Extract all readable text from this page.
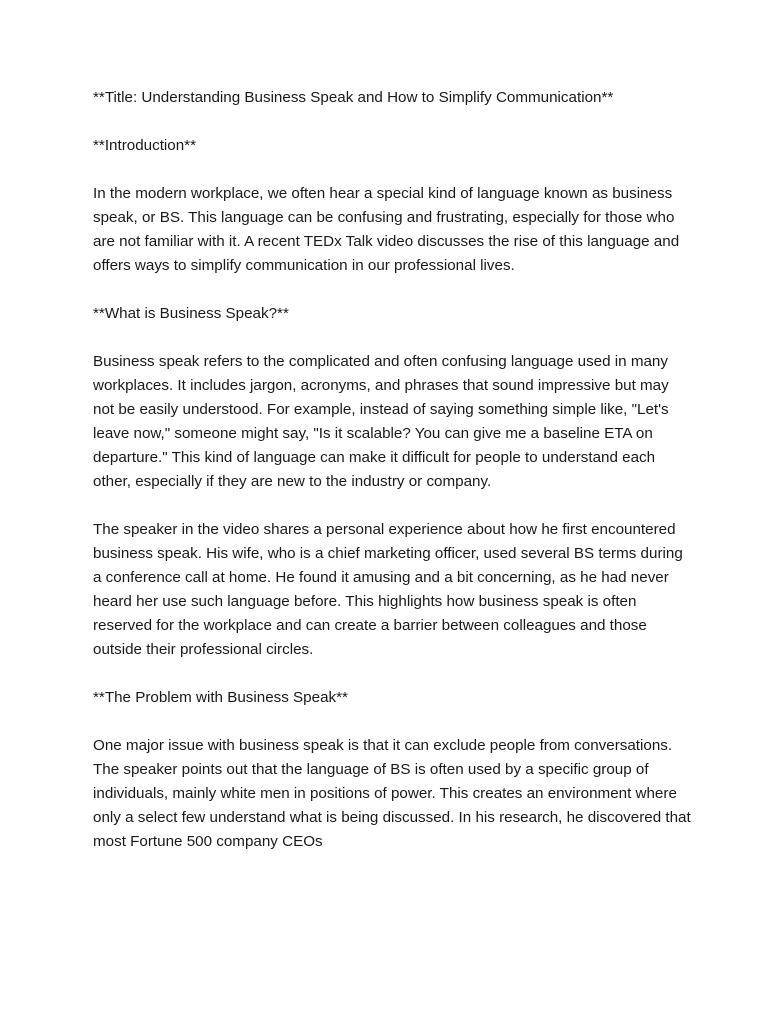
**Title: Understanding Business Speak and How to Simplify Communication**

**Introduction**

In the modern workplace, we often hear a special kind of language known as business speak, or BS. This language can be confusing and frustrating, especially for those who are not familiar with it. A recent TEDx Talk video discusses the rise of this language and offers ways to simplify communication in our professional lives.

**What is Business Speak?**

Business speak refers to the complicated and often confusing language used in many workplaces. It includes jargon, acronyms, and phrases that sound impressive but may not be easily understood. For example, instead of saying something simple like, "Let's leave now," someone might say, "Is it scalable? You can give me a baseline ETA on departure." This kind of language can make it difficult for people to understand each other, especially if they are new to the industry or company.

The speaker in the video shares a personal experience about how he first encountered business speak. His wife, who is a chief marketing officer, used several BS terms during a conference call at home. He found it amusing and a bit concerning, as he had never heard her use such language before. This highlights how business speak is often reserved for the workplace and can create a barrier between colleagues and those outside their professional circles.

**The Problem with Business Speak**

One major issue with business speak is that it can exclude people from conversations. The speaker points out that the language of BS is often used by a specific group of individuals, mainly white men in positions of power. This creates an environment where only a select few understand what is being discussed. In his research, he discovered that most Fortune 500 company CEOs
